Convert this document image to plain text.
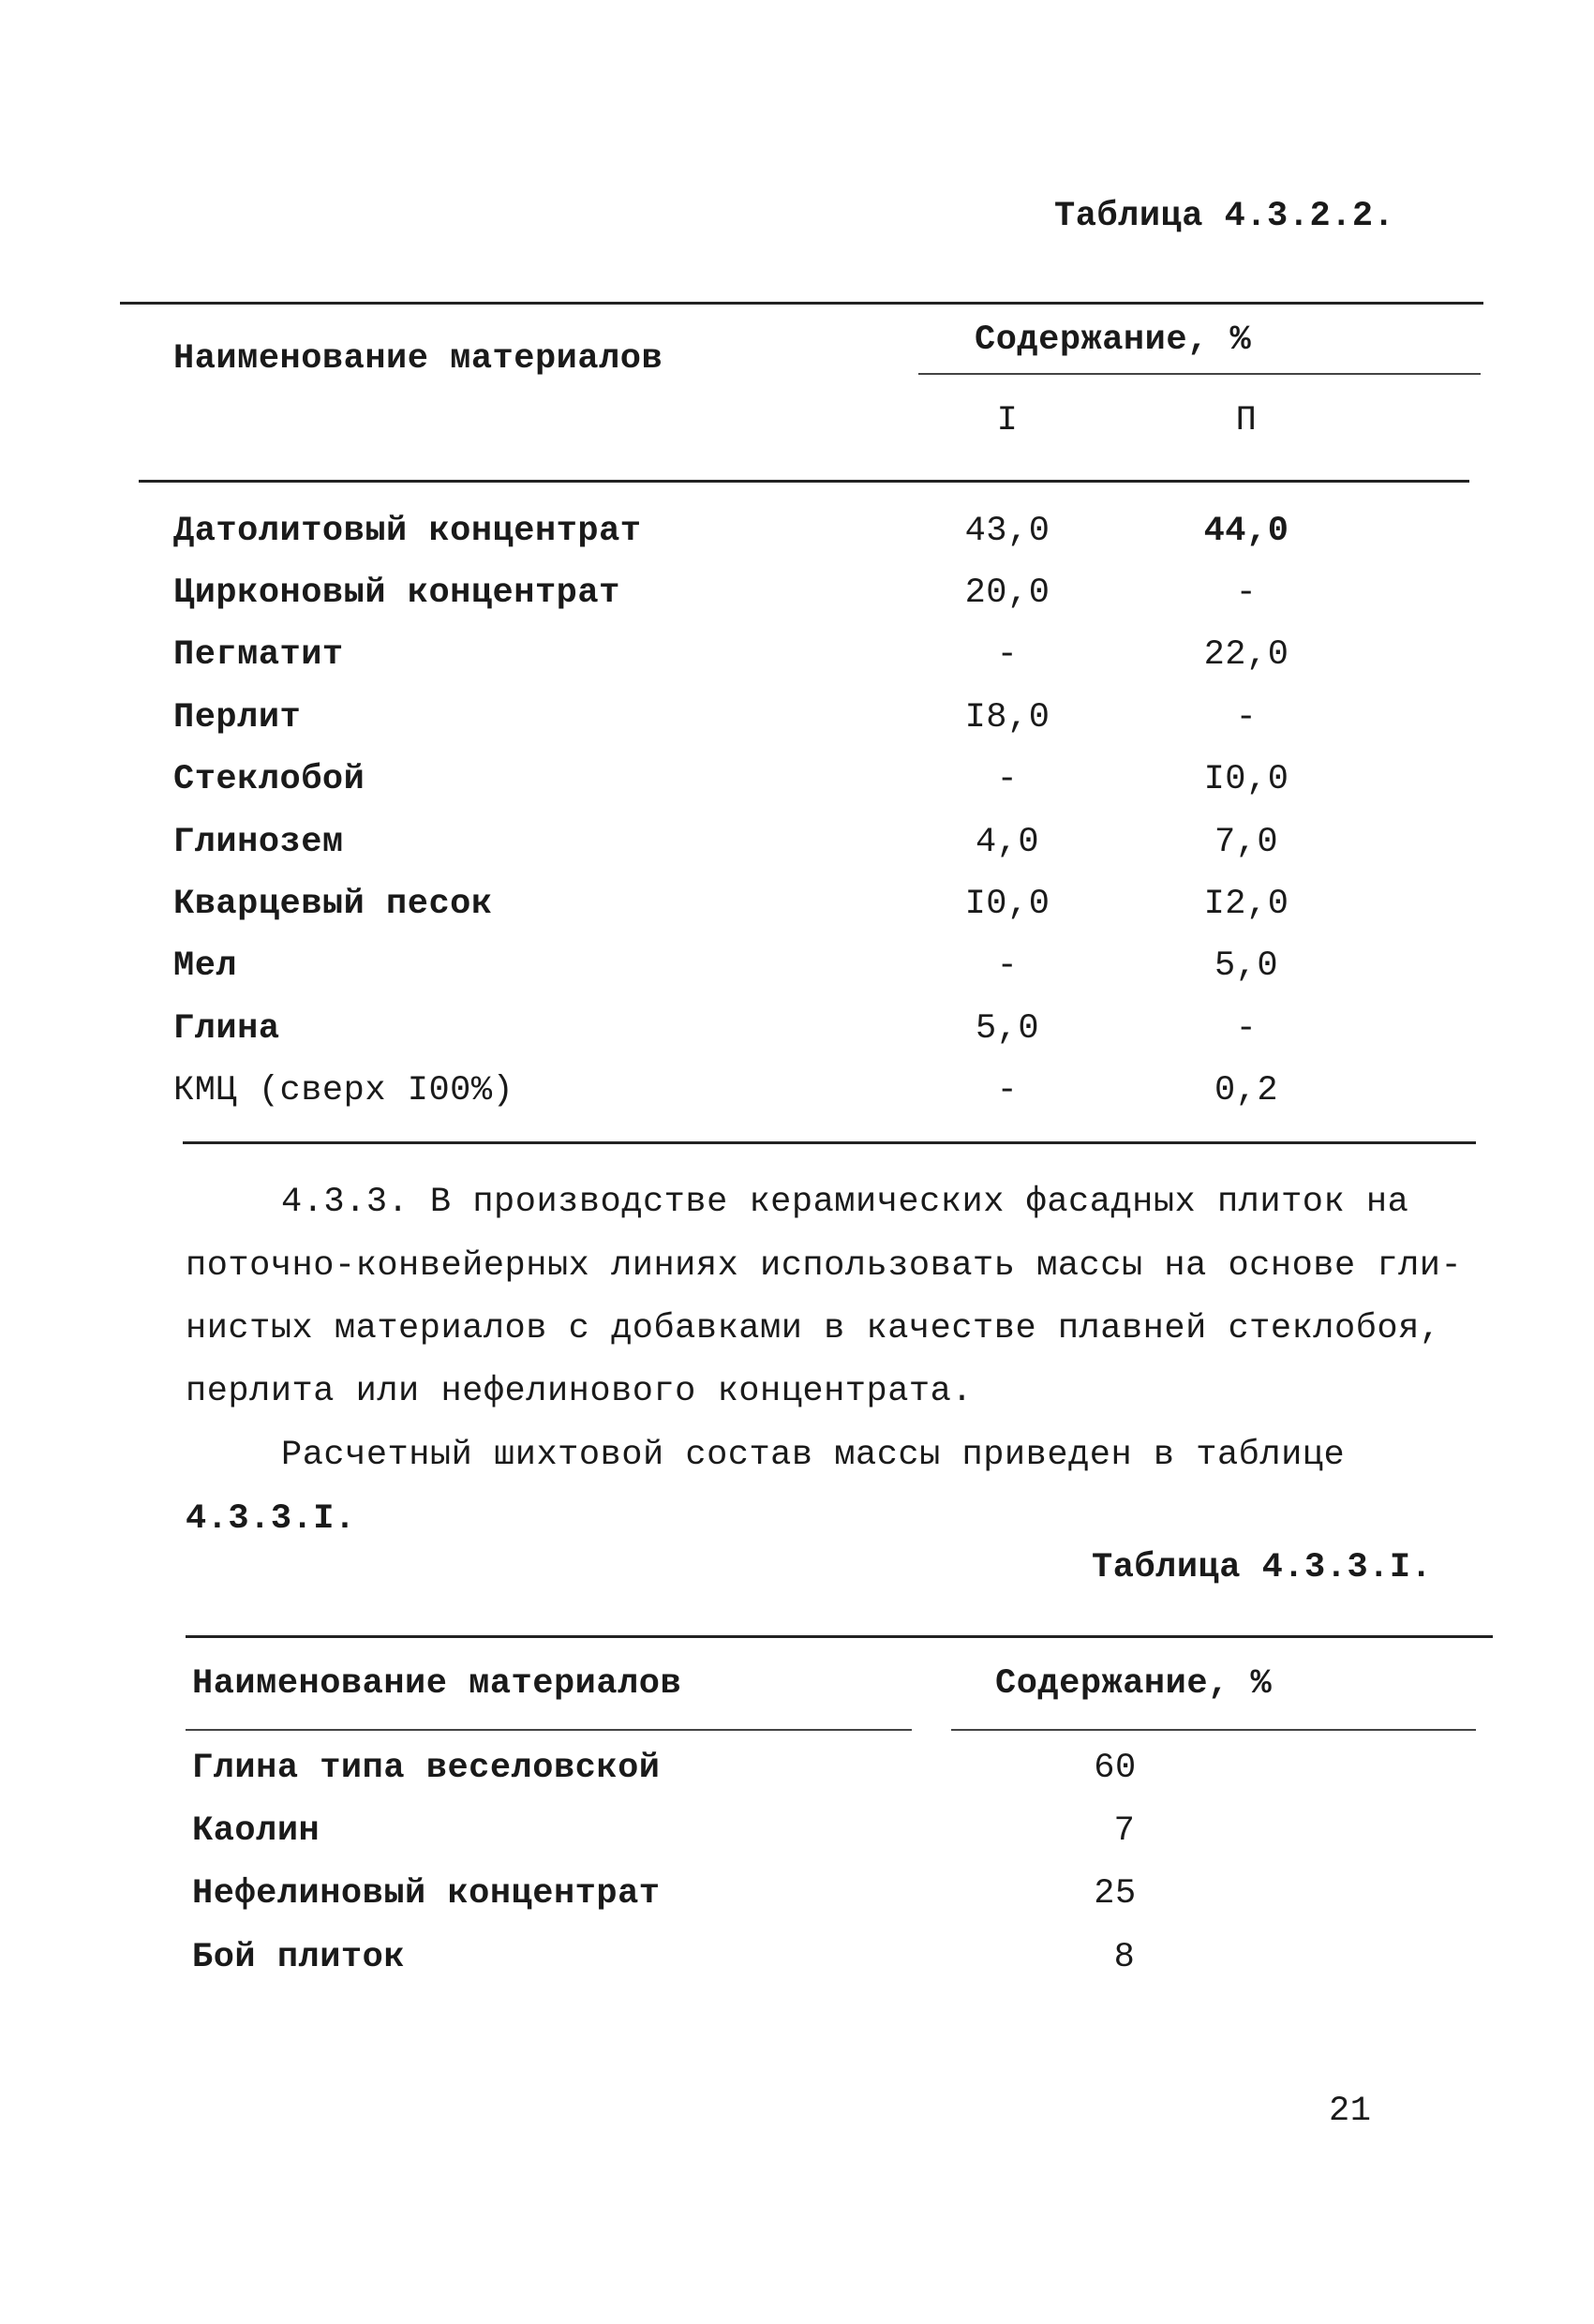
Таблица 4.3.2.2.
Наименование материалов	Содержание, %
I	П
Датолитовый концентрат	43,0	44,0
Цирконовый концентрат	20,0	-
Пегматит	-	22,0
Перлит	I8,0	-
Стеклобой	-	I0,0
Глинозем	4,0	7,0
Кварцевый песок	I0,0	I2,0
Мел	-	5,0
Глина	5,0	-
КМЦ (сверх I00%)	-	0,2
4.3.3. В производстве керамических фасадных плиток на
поточно-конвейерных линиях использовать массы на основе гли-
нистых материалов с добавками в качестве плавней стеклобоя,
перлита или нефелинового концентрата.
Расчетный шихтовой состав массы приведен в таблице
4.3.3.I.
Таблица 4.3.3.I.
Наименование материалов	Содержание, %
Глина типа веселовской	60
Каолин	7
Нефелиновый концентрат	25
Бой плиток	8
21
